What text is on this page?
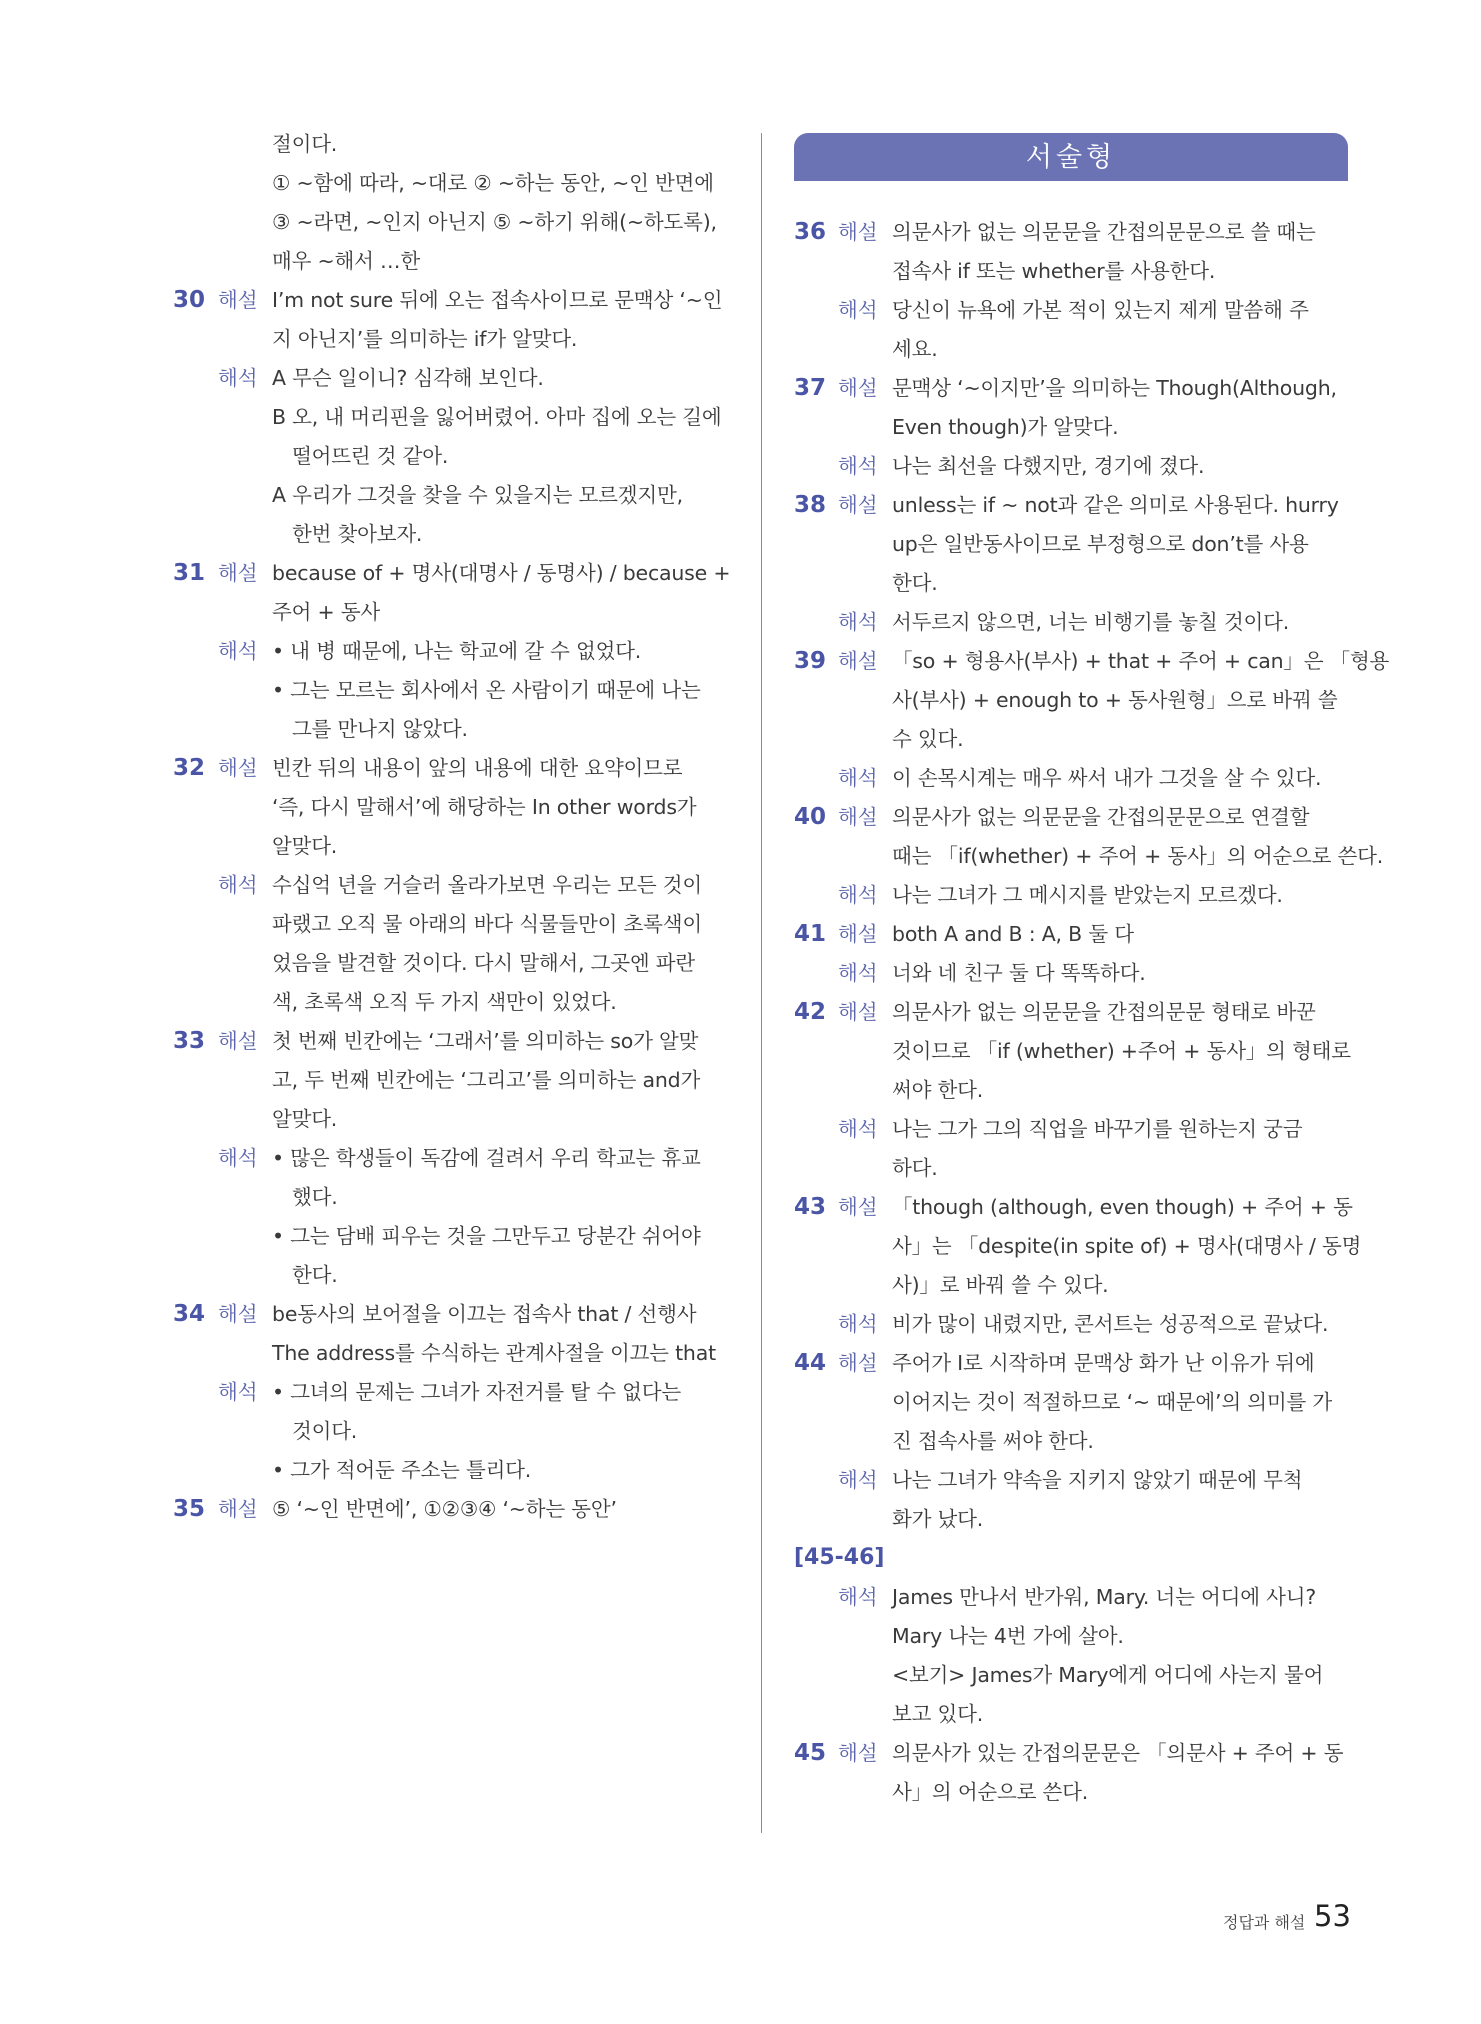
서술형
절이다.
① ~함에 따라, ~대로 ② ~하는 동안, ~인 반면에
③ ~라면, ~인지 아닌지 ⑤ ~하기 위해(~하도록),
매우 ~해서 …한
30 해설 I’m not sure 뒤에 오는 접속사이므로 문맥상 ‘~인
지 아닌지’를 의미하는 if가 알맞다.
해석 A 무슨 일이니? 심각해 보인다.
B 오, 내 머리핀을 잃어버렸어. 아마 집에 오는 길에
떨어뜨린 것 같아.
A 우리가 그것을 찾을 수 있을지는 모르겠지만,
한번 찾아보자.
31 해설 because of + 명사(대명사 / 동명사) / because +
주어 + 동사
해석 • 내 병 때문에, 나는 학교에 갈 수 없었다.
• 그는 모르는 회사에서 온 사람이기 때문에 나는
그를 만나지 않았다.
32 해설 빈칸 뒤의 내용이 앞의 내용에 대한 요약이므로
‘즉, 다시 말해서’에 해당하는 In other words가
알맞다.
해석 수십억 년을 거슬러 올라가보면 우리는 모든 것이
파랬고 오직 물 아래의 바다 식물들만이 초록색이
었음을 발견할 것이다. 다시 말해서, 그곳엔 파란
색, 초록색 오직 두 가지 색만이 있었다.
33 해설 첫 번째 빈칸에는 ‘그래서’를 의미하는 so가 알맞
고, 두 번째 빈칸에는 ‘그리고’를 의미하는 and가
알맞다.
해석 • 많은 학생들이 독감에 걸려서 우리 학교는 휴교
했다.
• 그는 담배 피우는 것을 그만두고 당분간 쉬어야
한다.
34 해설 be동사의 보어절을 이끄는 접속사 that / 선행사
The address를 수식하는 관계사절을 이끄는 that
해석 • 그녀의 문제는 그녀가 자전거를 탈 수 없다는
것이다.
• 그가 적어둔 주소는 틀리다.
35 해설 ⑤ ‘~인 반면에’, ①②③④ ‘~하는 동안’
36 해설 의문사가 없는 의문문을 간접의문문으로 쓸 때는
접속사 if 또는 whether를 사용한다.
해석 당신이 뉴욕에 가본 적이 있는지 제게 말씀해 주
세요.
37 해설 문맥상 ‘~이지만’을 의미하는 Though(Although,
Even though)가 알맞다.
해석 나는 최선을 다했지만, 경기에 졌다.
38 해설 unless는 if ~ not과 같은 의미로 사용된다. hurry
up은 일반동사이므로 부정형으로 don’t를 사용
한다.
해석 서두르지 않으면, 너는 비행기를 놓칠 것이다.
39 해설 「so + 형용사(부사) + that + 주어 + can」은 「형용
사(부사) + enough to + 동사원형」으로 바꿔 쓸
수 있다.
해석 이 손목시계는 매우 싸서 내가 그것을 살 수 있다.
40 해설 의문사가 없는 의문문을 간접의문문으로 연결할
때는 「if(whether) + 주어 + 동사」의 어순으로 쓴다.
해석 나는 그녀가 그 메시지를 받았는지 모르겠다.
41 해설 both A and B : A, B 둘 다
해석 너와 네 친구 둘 다 똑똑하다.
42 해설 의문사가 없는 의문문을 간접의문문 형태로 바꾼
것이므로 「if (whether) +주어 + 동사」의 형태로
써야 한다.
해석 나는 그가 그의 직업을 바꾸기를 원하는지 궁금
하다.
43 해설 「though (although, even though) + 주어 + 동
사」는 「despite(in spite of) + 명사(대명사 / 동명
사)」로 바꿔 쓸 수 있다.
해석 비가 많이 내렸지만, 콘서트는 성공적으로 끝났다.
44 해설 주어가 I로 시작하며 문맥상 화가 난 이유가 뒤에
이어지는 것이 적절하므로 ‘~ 때문에’의 의미를 가
진 접속사를 써야 한다.
해석 나는 그녀가 약속을 지키지 않았기 때문에 무척
화가 났다.
[45-46]
해석 James 만나서 반가워, Mary. 너는 어디에 사니?
Mary 나는 4번 가에 살아.
<보기> James가 Mary에게 어디에 사는지 물어
보고 있다.
45 해설 의문사가 있는 간접의문문은 「의문사 + 주어 + 동
사」의 어순으로 쓴다.
정답과 해설 53
